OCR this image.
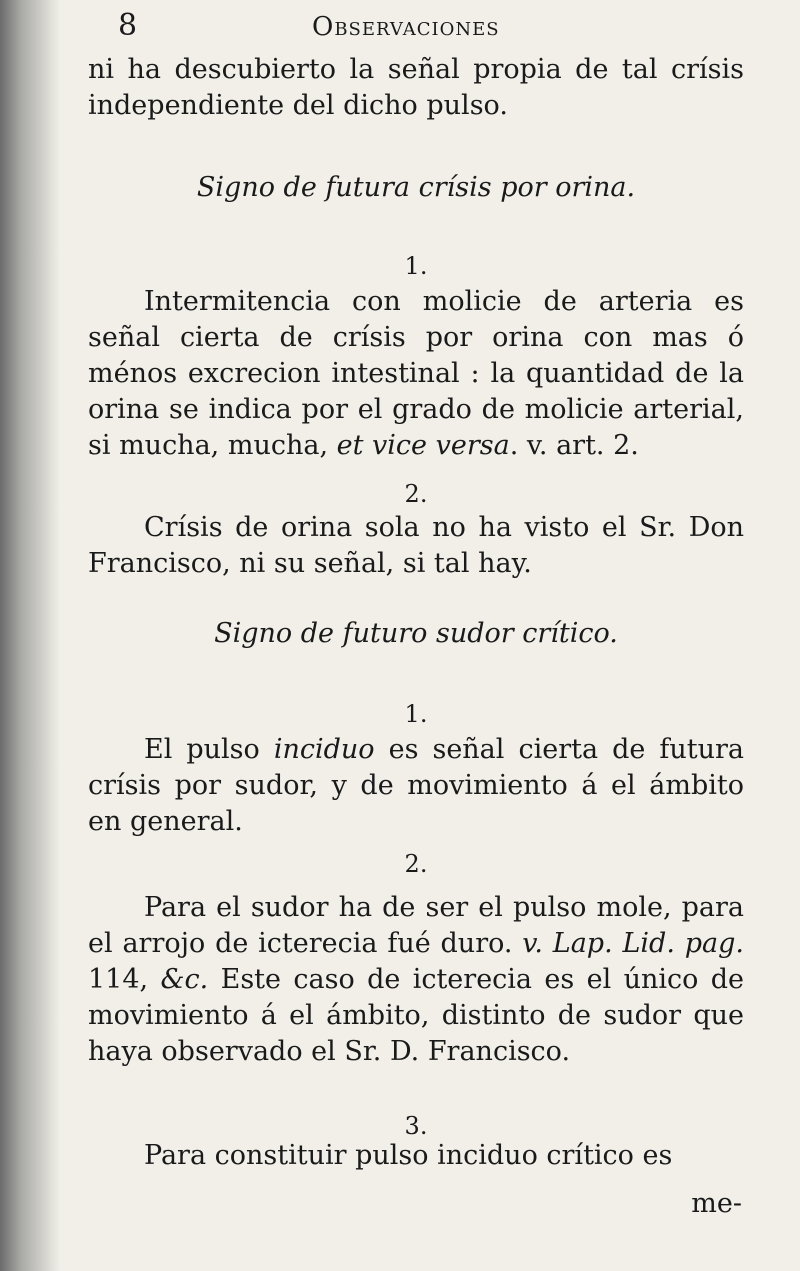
8	Observaciones
ni ha descubierto la señal propia de tal crísis independiente del dicho pulso.
Signo de futura crísis por orina.
1.
Intermitencia con molicie de arteria es señal cierta de crísis por orina con mas ó ménos excrecion intestinal : la quantidad de la orina se indica por el grado de molicie arterial, si mucha, mucha, et vice versa. v. art. 2.
2.
Crísis de orina sola no ha visto el Sr. Don Francisco, ni su señal, si tal hay.
Signo de futuro sudor crítico.
1.
El pulso inciduo es señal cierta de futura crísis por sudor, y de movimiento á el ámbito en general.
2.
Para el sudor ha de ser el pulso mole, para el arrojo de icterecia fué duro. v. Lap. Lid. pag. 114, &c. Este caso de icterecia es el único de movimiento á el ámbito, distinto de sudor que haya observado el Sr. D. Francisco.
3.
Para constituir pulso inciduo crítico es
me-
